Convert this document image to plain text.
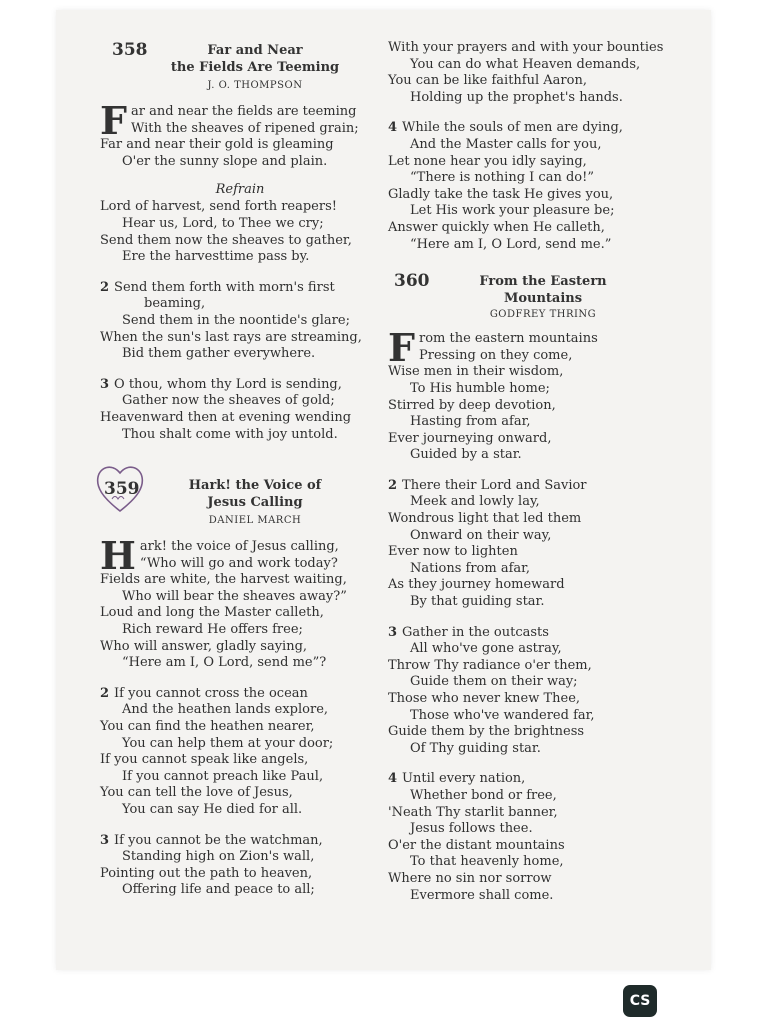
358	Far and Near
the Fields Are Teeming
J. O. THOMPSON
F ar and near the fields are teeming
With the sheaves of ripened grain;
Far and near their gold is gleaming
O'er the sunny slope and plain.
Refrain
Lord of harvest, send forth reapers!
Hear us, Lord, to Thee we cry;
Send them now the sheaves to gather,
Ere the harvesttime pass by.
2 Send them forth with morn's first
beaming,
Send them in the noontide's glare;
When the sun's last rays are streaming,
Bid them gather everywhere.
3 O thou, whom thy Lord is sending,
Gather now the sheaves of gold;
Heavenward then at evening wending
Thou shalt come with joy untold.
359	Hark! the Voice of
Jesus Calling
DANIEL MARCH
H ark! the voice of Jesus calling,
“Who will go and work today?
Fields are white, the harvest waiting,
Who will bear the sheaves away?”
Loud and long the Master calleth,
Rich reward He offers free;
Who will answer, gladly saying,
“Here am I, O Lord, send me”?
2 If you cannot cross the ocean
And the heathen lands explore,
You can find the heathen nearer,
You can help them at your door;
If you cannot speak like angels,
If you cannot preach like Paul,
You can tell the love of Jesus,
You can say He died for all.
3 If you cannot be the watchman,
Standing high on Zion's wall,
Pointing out the path to heaven,
Offering life and peace to all;
With your prayers and with your bounties
You can do what Heaven demands,
You can be like faithful Aaron,
Holding up the prophet's hands.
4 While the souls of men are dying,
And the Master calls for you,
Let none hear you idly saying,
“There is nothing I can do!”
Gladly take the task He gives you,
Let His work your pleasure be;
Answer quickly when He calleth,
“Here am I, O Lord, send me.”
360	From the Eastern
Mountains
GODFREY THRING
F rom the eastern mountains
Pressing on they come,
Wise men in their wisdom,
To His humble home;
Stirred by deep devotion,
Hasting from afar,
Ever journeying onward,
Guided by a star.
2 There their Lord and Savior
Meek and lowly lay,
Wondrous light that led them
Onward on their way,
Ever now to lighten
Nations from afar,
As they journey homeward
By that guiding star.
3 Gather in the outcasts
All who've gone astray,
Throw Thy radiance o'er them,
Guide them on their way;
Those who never knew Thee,
Those who've wandered far,
Guide them by the brightness
Of Thy guiding star.
4 Until every nation,
Whether bond or free,
'Neath Thy starlit banner,
Jesus follows thee.
O'er the distant mountains
To that heavenly home,
Where no sin nor sorrow
Evermore shall come.
CS
